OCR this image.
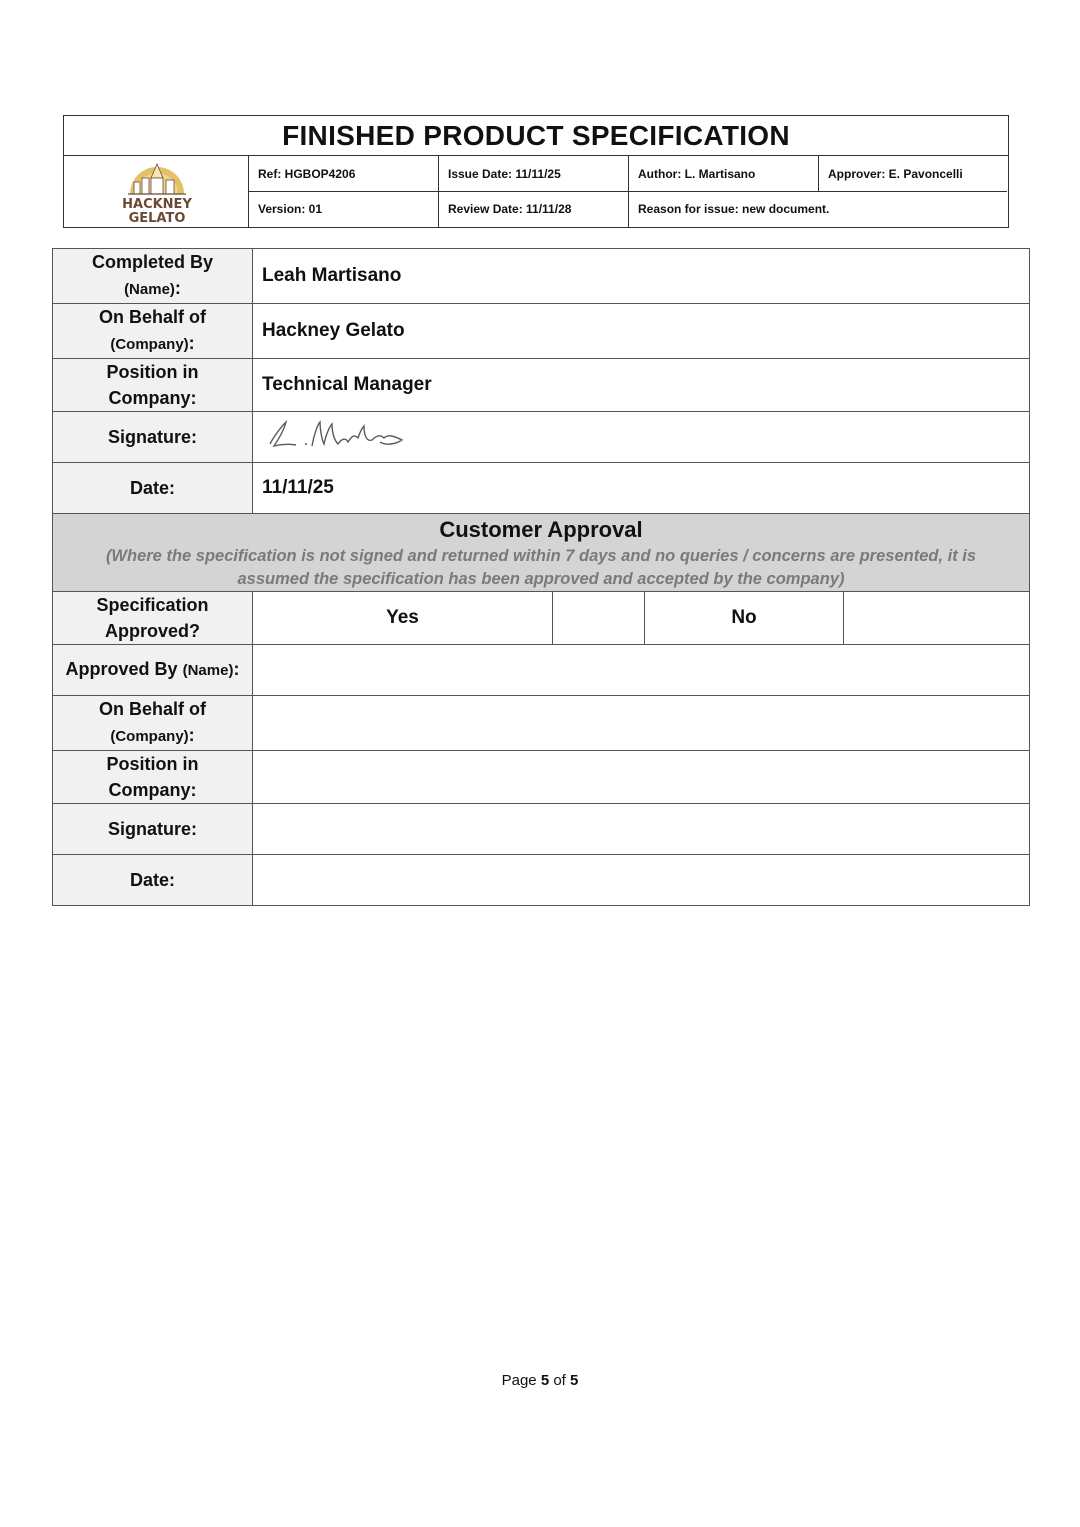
FINISHED PRODUCT SPECIFICATION
HACKNEY
GELATO
Ref: HGBOP4206	Issue Date: 11/11/25	Author: L. Martisano	Approver: E. Pavoncelli
Version: 01	Review Date: 11/11/28	Reason for issue: new document.
Completed By
(Name):	Leah Martisano			
On Behalf of
(Company):	Hackney Gelato			

Position in Company:	Technical Manager			
Signature:	
Date:	11/11/25			

Customer Approval
(Where the specification is not signed and returned within 7 days and no queries / concerns are presented, it is assumed the specification has been approved and accepted by the company)				

Specification Approved?	Yes		No	
Approved By (Name):				
On Behalf of
(Company):				

Position in Company:				

Signature:				
Date:				
Page 5 of 5
